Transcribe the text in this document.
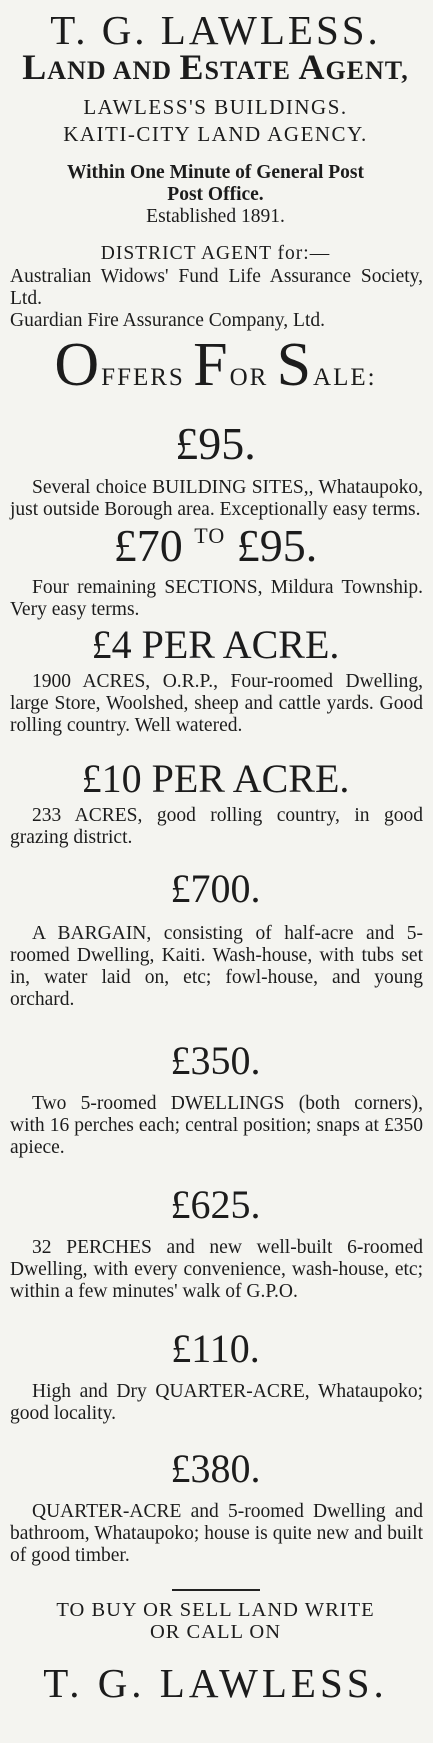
T. G. LAWLESS.
LAND AND ESTATE AGENT,
LAWLESS'S BUILDINGS.
KAITI-CITY LAND AGENCY.
Within One Minute of General Post
Post Office.
Established 1891.
DISTRICT AGENT for:—

Australian Widows' Fund Life Assurance Society, Ltd.

Guardian Fire Assurance Company, Ltd.

OFFERS FOR SALE:
£95.

Several choice BUILDING SITES,, Whataupoko, just outside Borough area. Exceptionally easy terms.

£70 $^{TO}$ £95.

Four remaining SECTIONS, Mildura Township. Very easy terms.

£4 PER ACRE.

1900 ACRES, O.R.P., Four-roomed Dwelling, large Store, Woolshed, sheep and cattle yards. Good rolling country. Well watered.

£10 PER ACRE.

233 ACRES, good rolling country, in good grazing district.

£700.

A BARGAIN, consisting of half-acre and 5-roomed Dwelling, Kaiti. Wash-house, with tubs set in, water laid on, etc; fowl-house, and young orchard.

£350.

Two 5-roomed DWELLINGS (both corners), with 16 perches each; central position; snaps at £350 apiece.

£625.

32 PERCHES and new well-built 6-roomed Dwelling, with every convenience, wash-house, etc; within a few minutes' walk of G.P.O.

£110.

High and Dry QUARTER-ACRE, Whataupoko; good locality.

£380.

QUARTER-ACRE and 5-roomed Dwelling and bathroom, Whataupoko; house is quite new and built of good timber.

TO BUY OR SELL LAND WRITE
OR CALL ON
T. G. LAWLESS.
